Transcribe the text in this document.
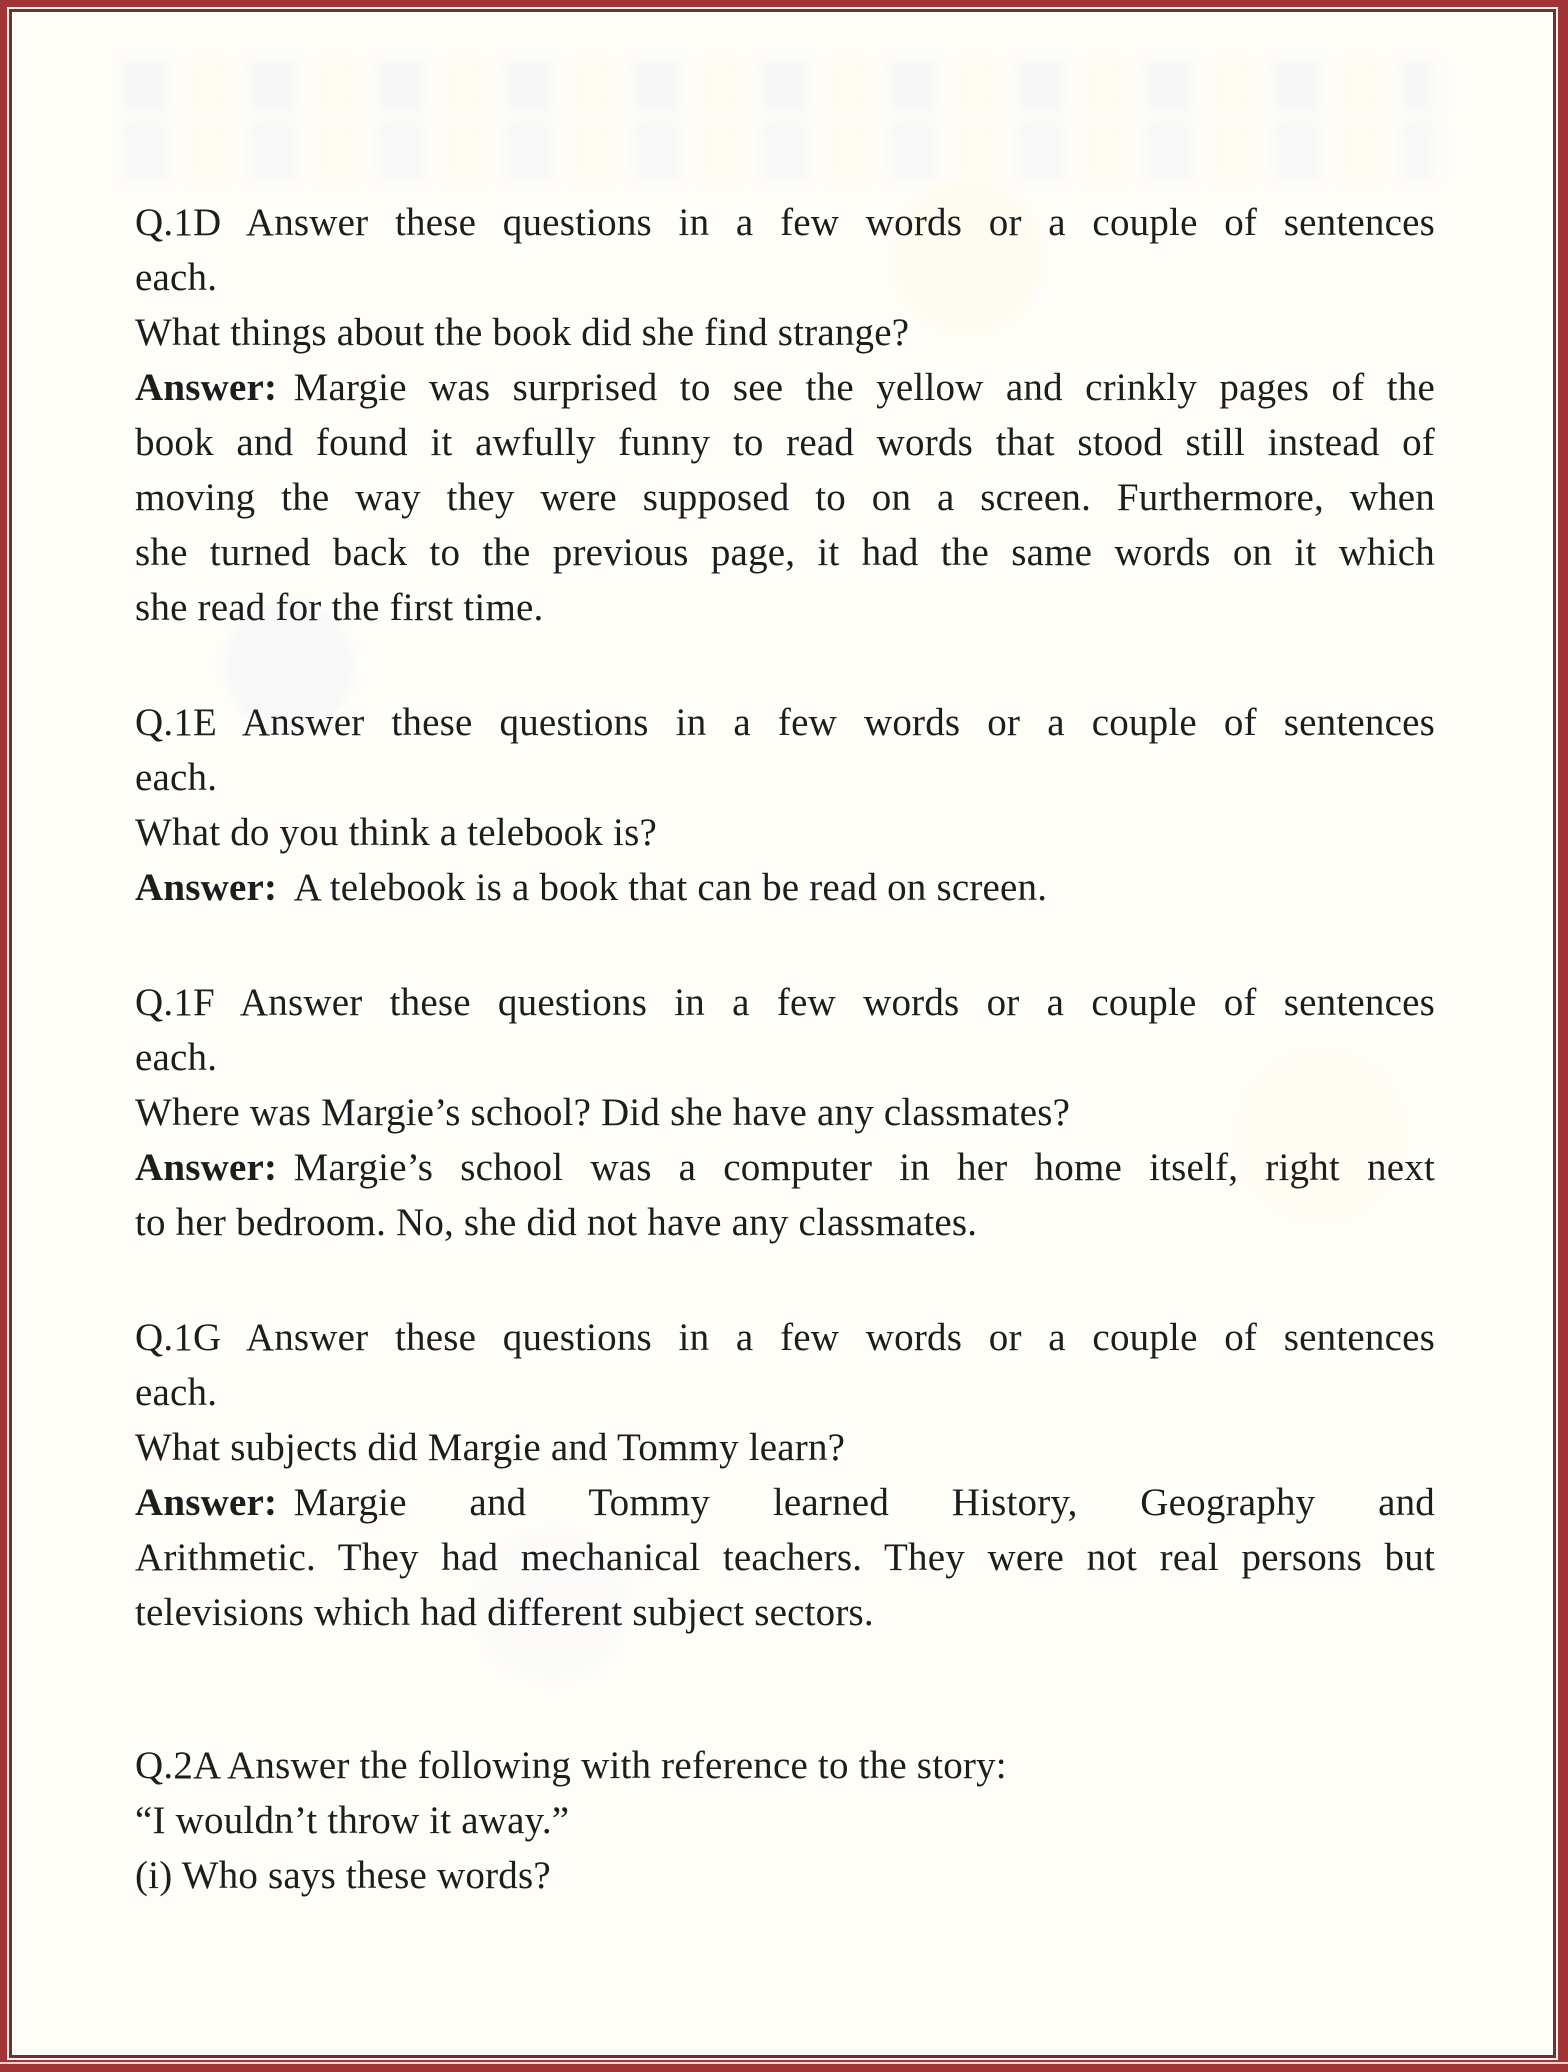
Q.1D Answer these questions in a few words or a couple of sentences
each.
What things about the book did she find strange?
Answer: Margie was surprised to see the yellow and crinkly pages of the
book and found it awfully funny to read words that stood still instead of
moving the way they were supposed to on a screen. Furthermore, when
she turned back to the previous page, it had the same words on it which
she read for the first time.
Q.1E Answer these questions in a few words or a couple of sentences
each.
What do you think a telebook is?
Answer: A telebook is a book that can be read on screen.
Q.1F Answer these questions in a few words or a couple of sentences
each.
Where was Margie’s school? Did she have any classmates?
Answer: Margie’s school was a computer in her home itself, right next
to her bedroom. No, she did not have any classmates.
Q.1G Answer these questions in a few words or a couple of sentences
each.
What subjects did Margie and Tommy learn?
Answer: Margie and Tommy learned History, Geography and
Arithmetic. They had mechanical teachers. They were not real persons but
televisions which had different subject sectors.
Q.2A Answer the following with reference to the story:
“I wouldn’t throw it away.”
(i) Who says these words?
